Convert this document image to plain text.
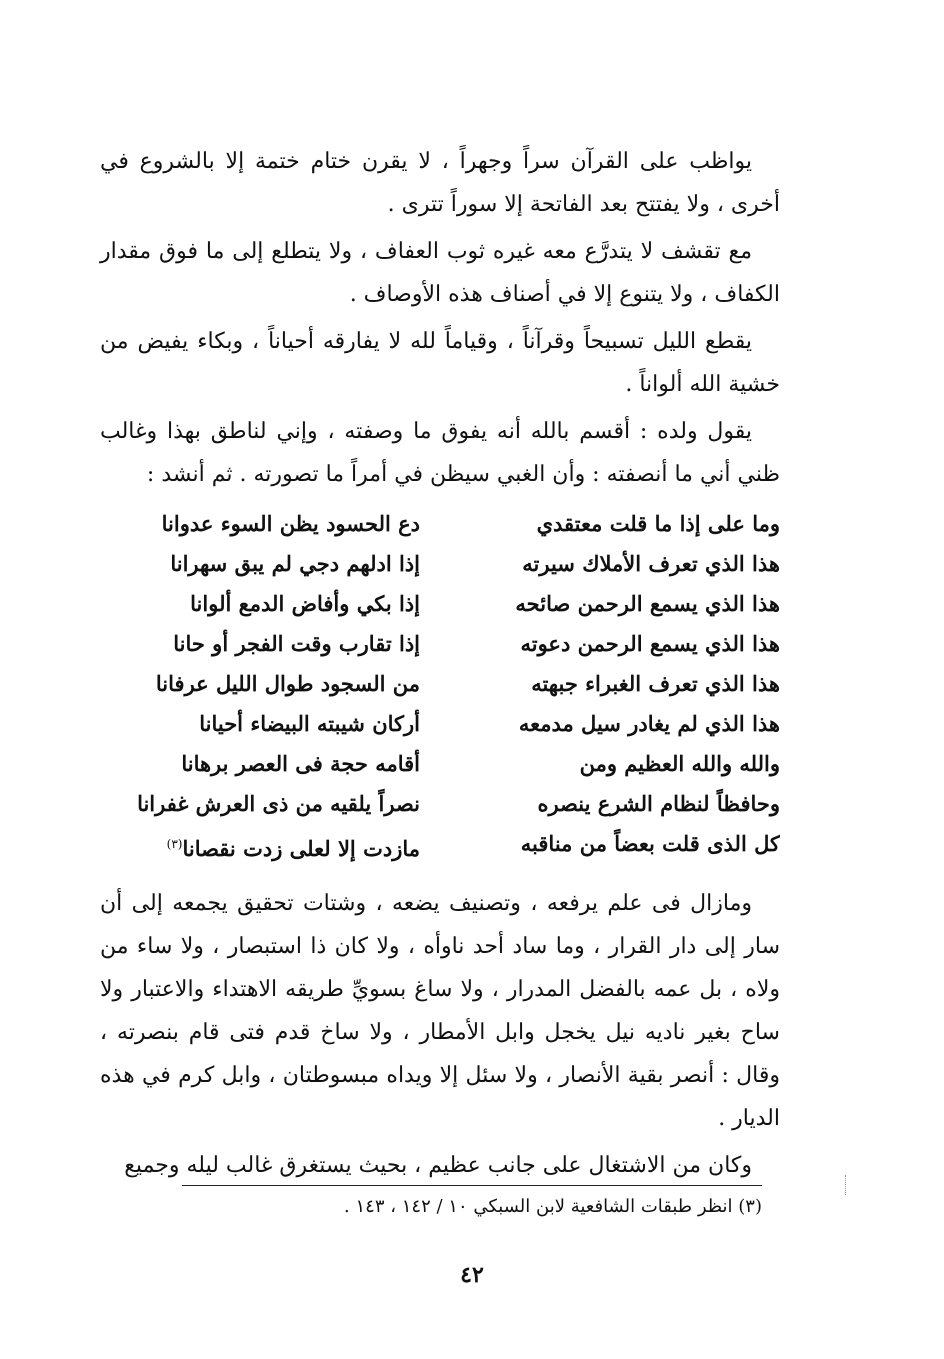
يواظب على القرآن سراً وجهراً ، لا يقرن ختام ختمة إلا بالشروع في أخرى ، ولا يفتتح بعد الفاتحة إلا سوراً تترى .

مع تقشف لا يتدرَّع معه غيره ثوب العفاف ، ولا يتطلع إلى ما فوق مقدار الكفاف ، ولا يتنوع إلا في أصناف هذه الأوصاف .

يقطع الليل تسبيحاً وقرآناً ، وقياماً لله لا يفارقه أحياناً ، وبكاء يفيض من خشية الله ألواناً .

يقول ولده : أقسم بالله أنه يفوق ما وصفته ، وإني لناطق بهذا وغالب ظني أني ما أنصفته : وأن الغبي سيظن في أمراً ما تصورته . ثم أنشد :

وما على إذا ما قلت معتقدي
دع الحسود يظن السوء عدوانا
هذا الذي تعرف الأملاك سيرته
إذا ادلهم دجي لم يبق سهرانا
هذا الذي يسمع الرحمن صائحه
إذا بكي وأفاض الدمع ألوانا
هذا الذي يسمع الرحمن دعوته
إذا تقارب وقت الفجر أو حانا
هذا الذي تعرف الغبراء جبهته
من السجود طوال الليل عرفانا
هذا الذي لم يغادر سيل مدمعه
أركان شيبته البيضاء أحيانا
والله والله العظيم ومن
أقامه حجة فى العصر برهانا
وحافظاً لنظام الشرع ينصره
نصراً يلقيه من ذى العرش غفرانا
كل الذى قلت بعضاً من مناقبه
مازدت إلا لعلى زدت نقصانا$^{(٣)}$

ومازال فى علم يرفعه ، وتصنيف يضعه ، وشتات تحقيق يجمعه إلى أن سار إلى دار القرار ، وما ساد أحد ناوأه ، ولا كان ذا استبصار ، ولا ساء من ولاه ، بل عمه بالفضل المدرار ، ولا ساغ بسويِّ طريقه الاهتداء والاعتبار ولا ساح بغير ناديه نيل يخجل وابل الأمطار ، ولا ساخ قدم فتى قام بنصرته ، وقال : أنصر بقية الأنصار ، ولا سئل إلا ويداه مبسوطتان ، وابل كرم في هذه الديار .

وكان من الاشتغال على جانب عظيم ، بحيث يستغرق غالب ليله وجميع

(٣) انظر طبقات الشافعية لابن السبكي ١٠ / ١٤٢ ، ١٤٣ .
٤٢
